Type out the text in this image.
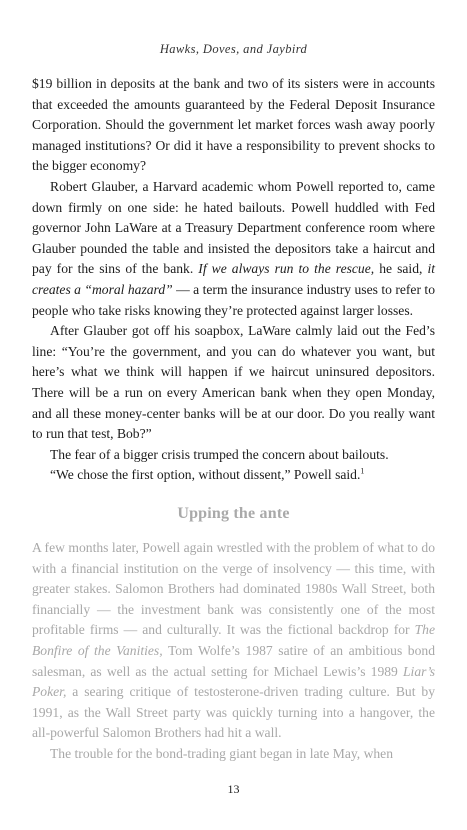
Hawks, Doves, and Jaybird

$19 billion in deposits at the bank and two of its sisters were in accounts that exceeded the amounts guaranteed by the Federal Deposit Insurance Corporation. Should the government let market forces wash away poorly managed institutions? Or did it have a responsibility to prevent shocks to the bigger economy?

Robert Glauber, a Harvard academic whom Powell reported to, came down firmly on one side: he hated bailouts. Powell huddled with Fed governor John LaWare at a Treasury Department conference room where Glauber pounded the table and insisted the depositors take a haircut and pay for the sins of the bank. If we always run to the rescue, he said, it creates a “moral hazard” — a term the insurance industry uses to refer to people who take risks knowing they’re protected against larger losses.

After Glauber got off his soapbox, LaWare calmly laid out the Fed’s line: “You’re the government, and you can do whatever you want, but here’s what we think will happen if we haircut uninsured depositors. There will be a run on every American bank when they open Monday, and all these money-center banks will be at our door. Do you really want to run that test, Bob?”

The fear of a bigger crisis trumped the concern about bailouts.

“We chose the first option, without dissent,” Powell said.$^1$

Upping the ante

A few months later, Powell again wrestled with the problem of what to do with a financial institution on the verge of insolvency — this time, with greater stakes. Salomon Brothers had dominated 1980s Wall Street, both financially — the investment bank was consistently one of the most profitable firms — and culturally. It was the fictional backdrop for The Bonfire of the Vanities, Tom Wolfe’s 1987 satire of an ambitious bond salesman, as well as the actual setting for Michael Lewis’s 1989 Liar’s Poker, a searing critique of testosterone-driven trading culture. But by 1991, as the Wall Street party was quickly turning into a hangover, the all-powerful Salomon Brothers had hit a wall.

The trouble for the bond-trading giant began in late May, when

13
